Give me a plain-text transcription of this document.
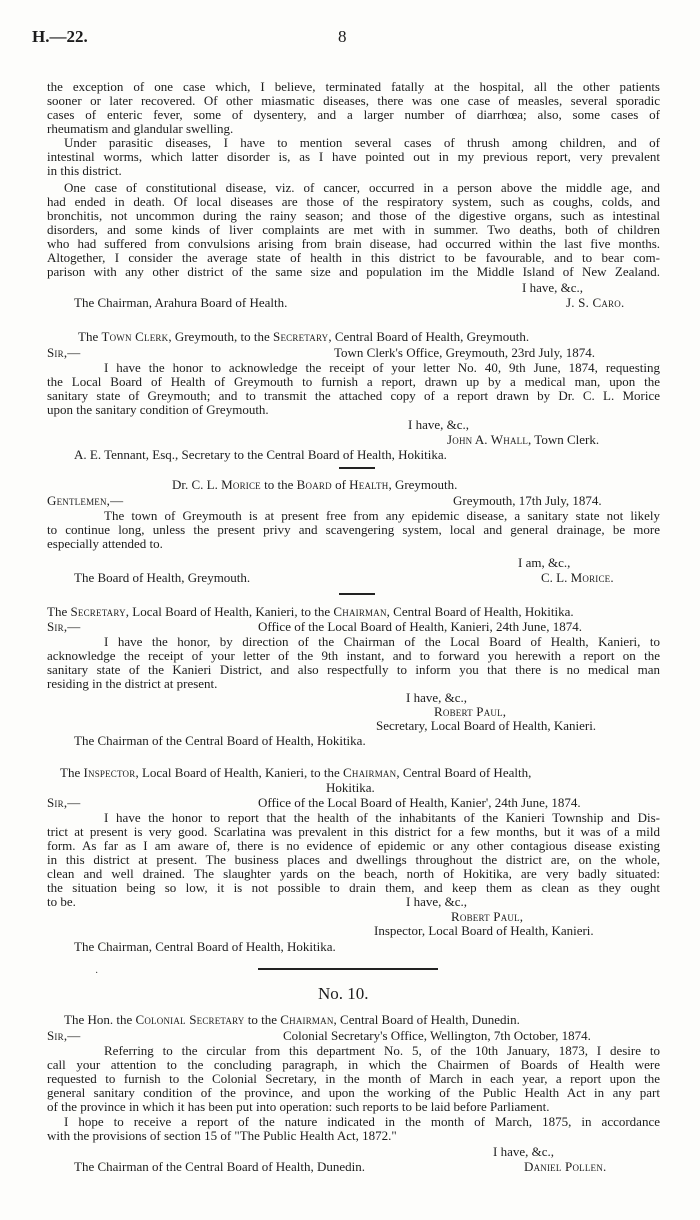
H.—22.	8
the exception of one case which, I believe, terminated fatally at the hospital, all the other patients
sooner or later recovered. Of other miasmatic diseases, there was one case of measles, several sporadic
cases of enteric fever, some of dysentery, and a larger number of diarrhœa; also, some cases of
rheumatism and glandular swelling.
Under parasitic diseases, I have to mention several cases of thrush among children, and of
intestinal worms, which latter disorder is, as I have pointed out in my previous report, very prevalent
in this district.
One case of constitutional disease, viz. of cancer, occurred in a person above the middle age, and
had ended in death. Of local diseases are those of the respiratory system, such as coughs, colds, and
bronchitis, not uncommon during the rainy season; and those of the digestive organs, such as intestinal
disorders, and some kinds of liver complaints are met with in summer. Two deaths, both of children
who had suffered from convulsions arising from brain disease, had occurred within the last five months.
Altogether, I consider the average state of health in this district to be favourable, and to bear com-
parison with any other district of the same size and population im the Middle Island of New Zealand.
I have, &c.,
The Chairman, Arahura Board of Health.	J. S. Caro.
The Town Clerk, Greymouth, to the Secretary, Central Board of Health, Greymouth.
Sir,—	Town Clerk's Office, Greymouth, 23rd July, 1874.
I have the honor to acknowledge the receipt of your letter No. 40, 9th June, 1874, requesting
the Local Board of Health of Greymouth to furnish a report, drawn up by a medical man, upon the
sanitary state of Greymouth; and to transmit the attached copy of a report drawn by Dr. C. L. Morice
upon the sanitary condition of Greymouth.
I have, &c.,
John A. Whall, Town Clerk.
A. E. Tennant, Esq., Secretary to the Central Board of Health, Hokitika.
Dr. C. L. Morice to the Board of Health, Greymouth.
Gentlemen,—	Greymouth, 17th July, 1874.
The town of Greymouth is at present free from any epidemic disease, a sanitary state not likely
to continue long, unless the present privy and scavengering system, local and general drainage, be more
especially attended to.
I am, &c.,
The Board of Health, Greymouth.	C. L. Morice.
The Secretary, Local Board of Health, Kanieri, to the Chairman, Central Board of Health, Hokitika.
Sir,—	Office of the Local Board of Health, Kanieri, 24th June, 1874.
I have the honor, by direction of the Chairman of the Local Board of Health, Kanieri, to
acknowledge the receipt of your letter of the 9th instant, and to forward you herewith a report on the
sanitary state of the Kanieri District, and also respectfully to inform you that there is no medical man
residing in the district at present.
I have, &c.,
Robert Paul,
Secretary, Local Board of Health, Kanieri.
The Chairman of the Central Board of Health, Hokitika.
The Inspector, Local Board of Health, Kanieri, to the Chairman, Central Board of Health,
Hokitika.
Sir,—	Office of the Local Board of Health, Kanier', 24th June, 1874.
I have the honor to report that the health of the inhabitants of the Kanieri Township and Dis-
trict at present is very good. Scarlatina was prevalent in this district for a few months, but it was of a mild
form. As far as I am aware of, there is no evidence of epidemic or any other contagious disease existing
in this district at present. The business places and dwellings throughout the district are, on the whole,
clean and well drained. The slaughter yards on the beach, north of Hokitika, are very badly situated:
the situation being so low, it is not possible to drain them, and keep them as clean as they ought
to be.	I have, &c.,
Robert Paul,
Inspector, Local Board of Health, Kanieri.
The Chairman, Central Board of Health, Hokitika.
·
No. 10.
The Hon. the Colonial Secretary to the Chairman, Central Board of Health, Dunedin.
Sir,—	Colonial Secretary's Office, Wellington, 7th October, 1874.
Referring to the circular from this department No. 5, of the 10th January, 1873, I desire to
call your attention to the concluding paragraph, in which the Chairmen of Boards of Health were
requested to furnish to the Colonial Secretary, in the month of March in each year, a report upon the
general sanitary condition of the province, and upon the working of the Public Health Act in any part
of the province in which it has been put into operation: such reports to be laid before Parliament.
I hope to receive a report of the nature indicated in the month of March, 1875, in accordance
with the provisions of section 15 of "The Public Health Act, 1872."
I have, &c.,
The Chairman of the Central Board of Health, Dunedin.	Daniel Pollen.
